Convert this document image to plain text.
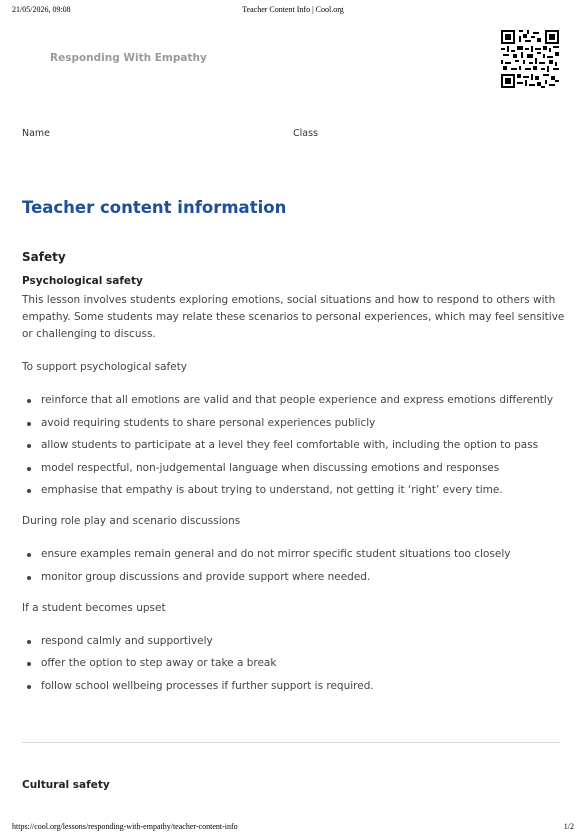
21/05/2026, 09:08	Teacher Content Info | Cool.org
Responding With Empathy
Name	Class
Teacher content information
Safety
Psychological safety

This lesson involves students exploring emotions, social situations and how to respond to others with empathy. Some students may relate these scenarios to personal experiences, which may feel sensitive or challenging to discuss.

To support psychological safety

reinforce that all emotions are valid and that people experience and express emotions differently
avoid requiring students to share personal experiences publicly
allow students to participate at a level they feel comfortable with, including the option to pass
model respectful, non-judgemental language when discussing emotions and responses
emphasise that empathy is about trying to understand, not getting it ‘right’ every time.

During role play and scenario discussions

ensure examples remain general and do not mirror specific student situations too closely
monitor group discussions and provide support where needed.

If a student becomes upset

respond calmly and supportively
offer the option to step away or take a break
follow school wellbeing processes if further support is required.
Cultural safety
https://cool.org/lessons/responding-with-empathy/teacher-content-info	1/2
